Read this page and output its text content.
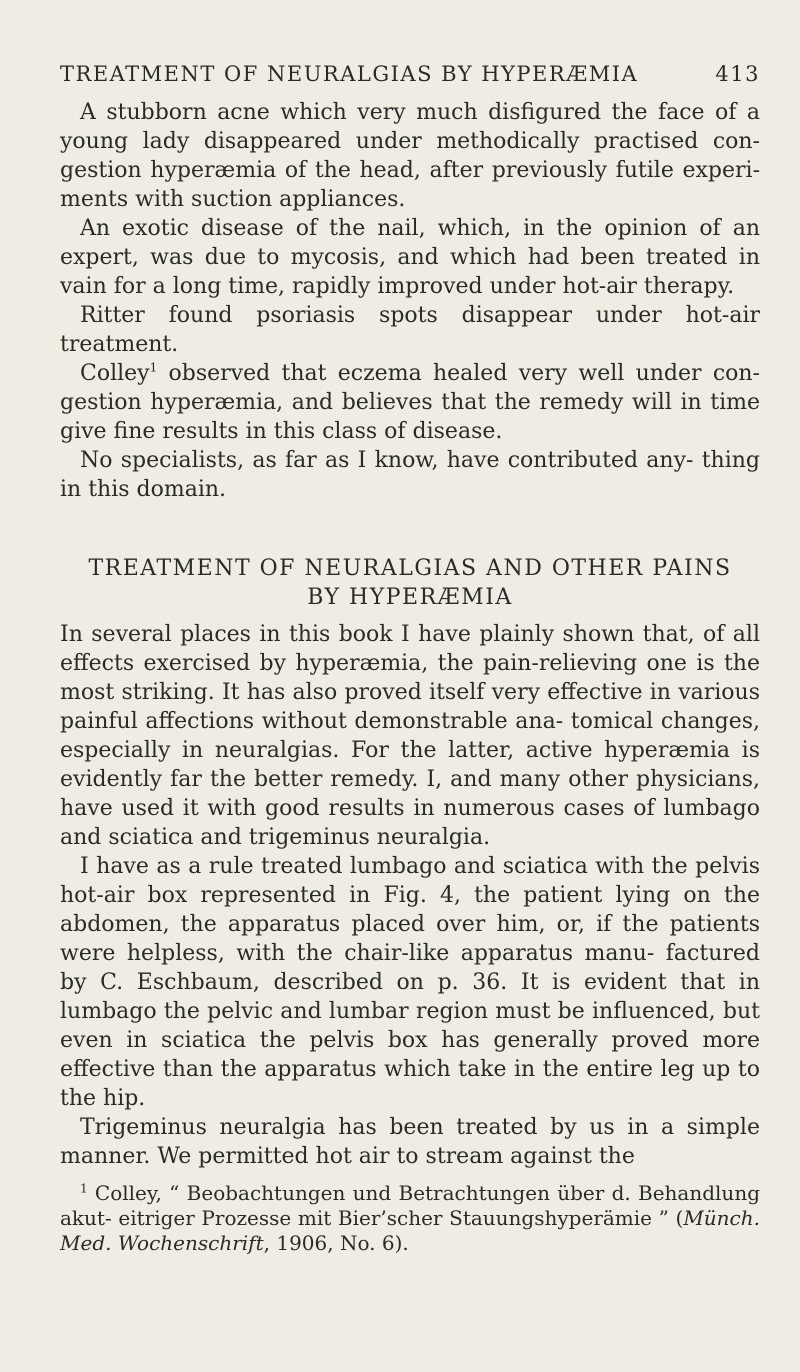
TREATMENT OF NEURALGIAS BY HYPERÆMIA	413

A stubborn acne which very much disfigured the face of a young lady disappeared under methodically practised con- gestion hyperæmia of the head, after previously futile experi- ments with suction appliances.

An exotic disease of the nail, which, in the opinion of an expert, was due to mycosis, and which had been treated in vain for a long time, rapidly improved under hot-air therapy.

Ritter found psoriasis spots disappear under hot-air treatment.

Colley$^1$ observed that eczema healed very well under con- gestion hyperæmia, and believes that the remedy will in time give fine results in this class of disease.

No specialists, as far as I know, have contributed any- thing in this domain.

TREATMENT OF NEURALGIAS AND OTHER PAINS
BY HYPERÆMIA

In several places in this book I have plainly shown that, of all effects exercised by hyperæmia, the pain-relieving one is the most striking. It has also proved itself very effective in various painful affections without demonstrable ana- tomical changes, especially in neuralgias. For the latter, active hyperæmia is evidently far the better remedy. I, and many other physicians, have used it with good results in numerous cases of lumbago and sciatica and trigeminus neuralgia.

I have as a rule treated lumbago and sciatica with the pelvis hot-air box represented in Fig. 4, the patient lying on the abdomen, the apparatus placed over him, or, if the patients were helpless, with the chair-like apparatus manu- factured by C. Eschbaum, described on p. 36. It is evident that in lumbago the pelvic and lumbar region must be influenced, but even in sciatica the pelvis box has generally proved more effective than the apparatus which take in the entire leg up to the hip.

Trigeminus neuralgia has been treated by us in a simple manner. We permitted hot air to stream against the

$^1$ Colley, “ Beobachtungen und Betrachtungen über d. Behandlung akut- eitriger Prozesse mit Bier’scher Stauungshyperämie ” (Münch. Med. Wochenschrift, 1906, No. 6).
